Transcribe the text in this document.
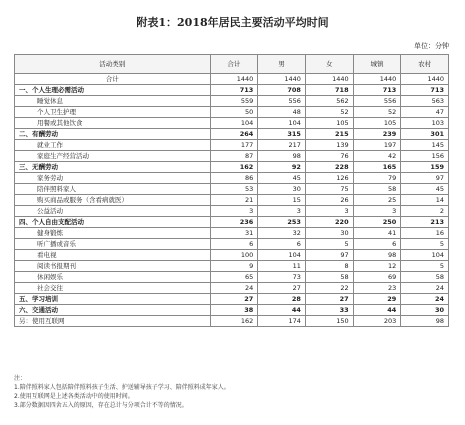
附表1：2018年居民主要活动平均时间
单位：分钟
活动类别	合计	男	女	城镇	农村
合计	1440	1440	1440	1440	1440
一、个人生理必需活动	713	708	718	713	713
睡觉休息	559	556	562	556	563
个人卫生护理	50	48	52	52	47
用餐或其他饮食	104	104	105	105	103
二、有酬劳动	264	315	215	239	301
就业工作	177	217	139	197	145
家庭生产经营活动	87	98	76	42	156
三、无酬劳动	162	92	228	165	159
家务劳动	86	45	126	79	97
陪伴照料家人	53	30	75	58	45
购买商品或服务（含看病就医）	21	15	26	25	14
公益活动	3	3	3	3	2
四、个人自由支配活动	236	253	220	250	213
健身锻炼	31	32	30	41	16
听广播或音乐	6	6	5	6	5
看电视	100	104	97	98	104
阅读书报期刊	9	11	8	12	5
休闲娱乐	65	73	58	69	58
社会交往	24	27	22	23	24
五、学习培训	27	28	27	29	24
六、交通活动	38	44	33	44	30
另：使用互联网	162	174	150	203	98
注：
1.陪伴照料家人包括陪伴照料孩子生活、护送辅导孩子学习、陪伴照料成年家人。
2.使用互联网是上述各类活动中的使用时间。
3.部分数据因四舍五入的原因，存在总计与分项合计不等的情况。
